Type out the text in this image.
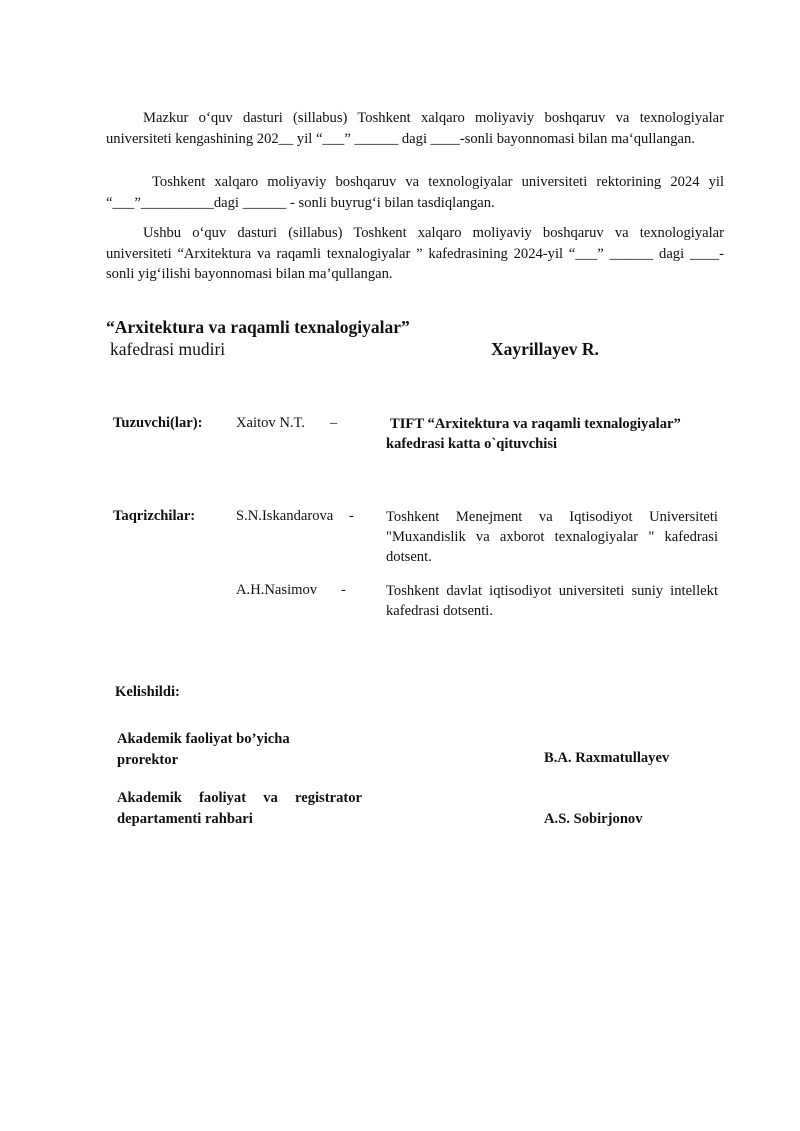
Mazkur o‘quv dasturi (sillabus) Toshkent xalqaro moliyaviy boshqaruv va texnologiyalar universiteti kengashining 202__ yil “___” ______ dagi ____-sonli bayonnomasi bilan ma‘qullangan.

Toshkent xalqaro moliyaviy boshqaruv va texnologiyalar universiteti rektorining 2024 yil “___”__________dagi ______ - sonli buyrug‘i bilan tasdiqlangan.

Ushbu o‘quv dasturi (sillabus) Toshkent xalqaro moliyaviy boshqaruv va texnologiyalar universiteti “Arxitektura va raqamli texnalogiyalar ” kafedrasining 2024-yil “___” ______ dagi ____-sonli yig‘ilishi bayonnomasi bilan ma’qullangan.

“Arxitektura va raqamli texnalogiyalar”

kafedrasi mudiri	Xayrillayev R.

Tuzuvchi(lar): Xaitov N.T. –	TIFT “Arxitektura va raqamli texnalogiyalar” kafedrasi katta o`qituvchisi

Taqrizchilar:	S.N.Iskandarova - Toshkent Menejment va Iqtisodiyot Universiteti "Muxandislik va axborot texnalogiyalar " kafedrasi dotsent.

A.H.Nasimov -	Toshkent davlat iqtisodiyot universiteti suniy intellekt kafedrasi dotsenti.

Kelishildi:

Akademik faoliyat bo’yicha prorektor	B.A. Raxmatullayev

Akademik faoliyat va registrator departamenti rahbari	A.S. Sobirjonov
